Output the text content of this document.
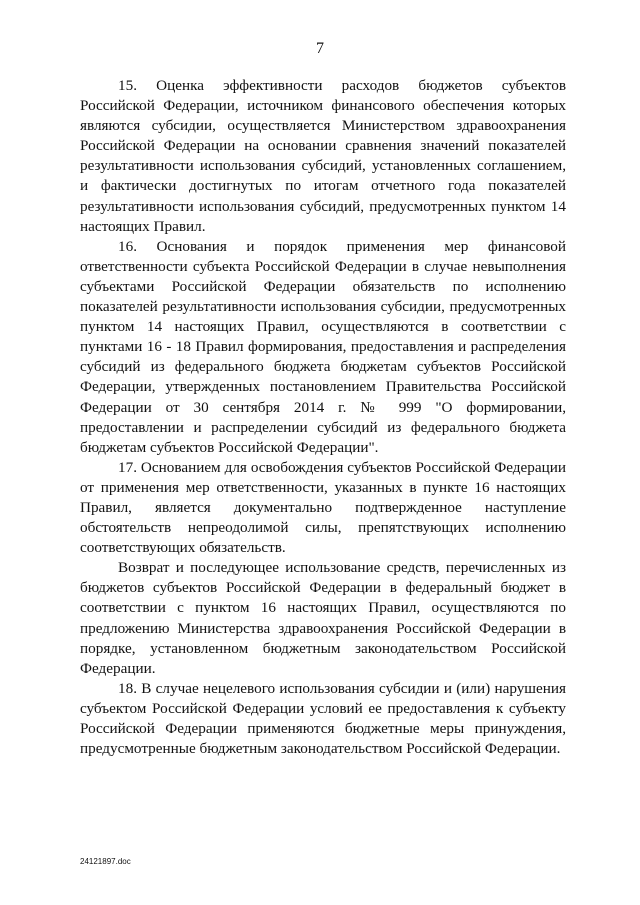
7

15. Оценка эффективности расходов бюджетов субъектов Российской Федерации, источником финансового обеспечения которых являются субсидии, осуществляется Министерством здравоохранения Российской Федерации на основании сравнения значений показателей результативности использования субсидий, установленных соглашением, и фактически достигнутых по итогам отчетного года показателей результативности использования субсидий, предусмотренных пунктом 14 настоящих Правил.

16. Основания и порядок применения мер финансовой ответственности субъекта Российской Федерации в случае невыполнения субъектами Российской Федерации обязательств по исполнению показателей результативности использования субсидии, предусмотренных пунктом 14 настоящих Правил, осуществляются в соответствии с пунктами 16 - 18 Правил формирования, предоставления и распределения субсидий из федерального бюджета бюджетам субъектов Российской Федерации, утвержденных постановлением Правительства Российской Федерации от 30 сентября 2014 г. № 999 "О формировании, предоставлении и распределении субсидий из федерального бюджета бюджетам субъектов Российской Федерации".

17. Основанием для освобождения субъектов Российской Федерации от применения мер ответственности, указанных в пункте 16 настоящих Правил, является документально подтвержденное наступление обстоятельств непреодолимой силы, препятствующих исполнению соответствующих обязательств.

Возврат и последующее использование средств, перечисленных из бюджетов субъектов Российской Федерации в федеральный бюджет в соответствии с пунктом 16 настоящих Правил, осуществляются по предложению Министерства здравоохранения Российской Федерации в порядке, установленном бюджетным законодательством Российской Федерации.

18. В случае нецелевого использования субсидии и (или) нарушения субъектом Российской Федерации условий ее предоставления к субъекту Российской Федерации применяются бюджетные меры принуждения, предусмотренные бюджетным законодательством Российской Федерации.

24121897.doc
